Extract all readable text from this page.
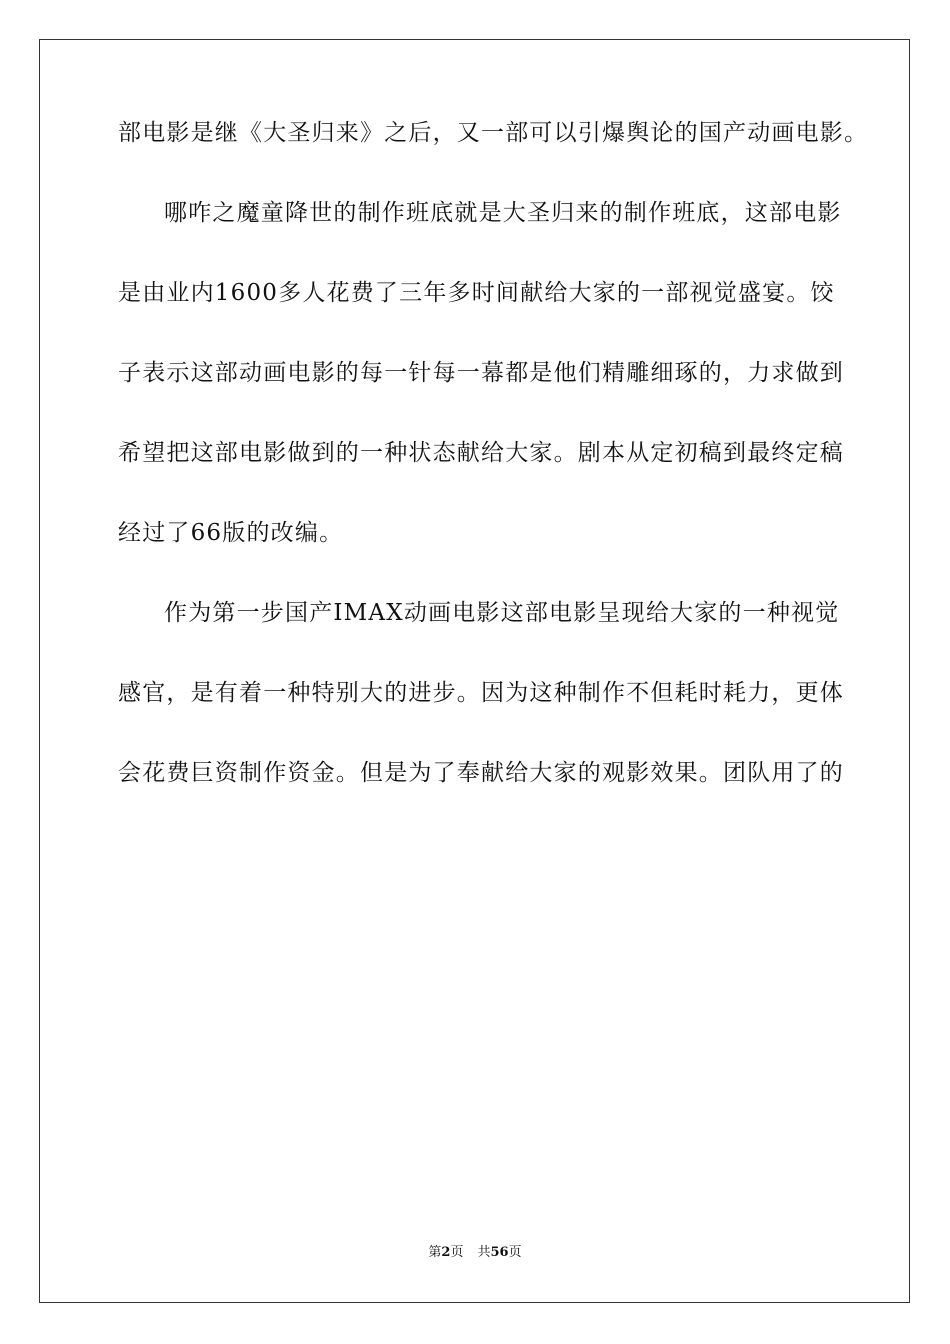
部电影是继《大圣归来》之后，又一部可以引爆舆论的国产动画电影。
哪咋之魔童降世的制作班底就是大圣归来的制作班底，这部电影
是由业内1600多人花费了三年多时间献给大家的一部视觉盛宴。饺
子表示这部动画电影的每一针每一幕都是他们精雕细琢的，力求做到
希望把这部电影做到的一种状态献给大家。剧本从定初稿到最终定稿
经过了66版的改编。
作为第一步国产IMAX动画电影这部电影呈现给大家的一种视觉
感官，是有着一种特别大的进步。因为这种制作不但耗时耗力，更体
会花费巨资制作资金。但是为了奉献给大家的观影效果。团队用了的
第2页 共56页
